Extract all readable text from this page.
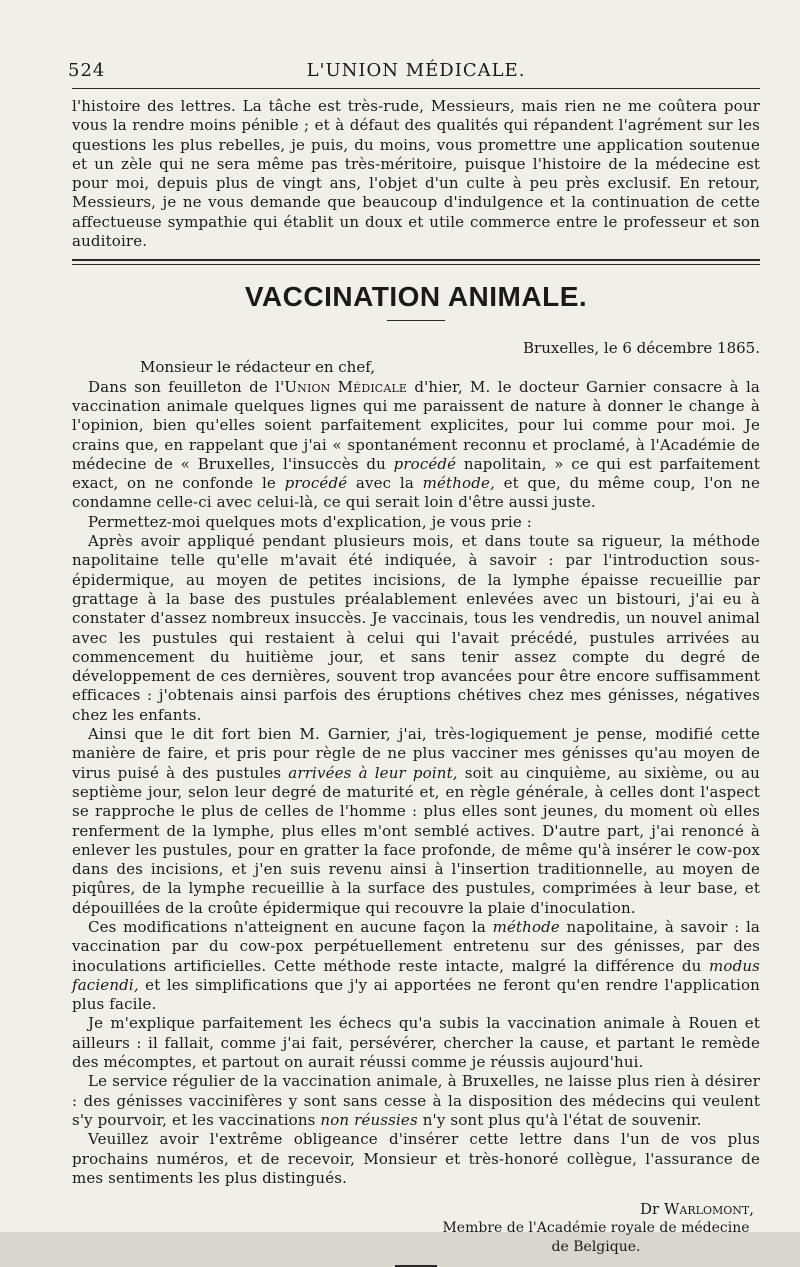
524	L'UNION MÉDICALE.

l'histoire des lettres. La tâche est très-rude, Messieurs, mais rien ne me coûtera pour vous la rendre moins pénible ; et à défaut des qualités qui répandent l'agrément sur les questions les plus rebelles, je puis, du moins, vous promettre une application soutenue et un zèle qui ne sera même pas très-méritoire, puisque l'histoire de la médecine est pour moi, depuis plus de vingt ans, l'objet d'un culte à peu près exclusif. En retour, Messieurs, je ne vous demande que beaucoup d'indulgence et la continuation de cette affectueuse sympathie qui établit un doux et utile commerce entre le professeur et son auditoire.

VACCINATION ANIMALE.
Bruxelles, le 6 décembre 1865.

Monsieur le rédacteur en chef,

Dans son feuilleton de l'Union Médicale d'hier, M. le docteur Garnier consacre à la vaccination animale quelques lignes qui me paraissent de nature à donner le change à l'opinion, bien qu'elles soient parfaitement explicites, pour lui comme pour moi. Je crains que, en rappelant que j'ai « spontanément reconnu et proclamé, à l'Académie de médecine de « Bruxelles, l'insuccès du procédé napolitain, » ce qui est parfaitement exact, on ne confonde le procédé avec la méthode, et que, du même coup, l'on ne condamne celle-ci avec celui-là, ce qui serait loin d'être aussi juste.

Permettez-moi quelques mots d'explication, je vous prie :

Après avoir appliqué pendant plusieurs mois, et dans toute sa rigueur, la méthode napolitaine telle qu'elle m'avait été indiquée, à savoir : par l'introduction sous-épidermique, au moyen de petites incisions, de la lymphe épaisse recueillie par grattage à la base des pustules préalablement enlevées avec un bistouri, j'ai eu à constater d'assez nombreux insuccès. Je vaccinais, tous les vendredis, un nouvel animal avec les pustules qui restaient à celui qui l'avait précédé, pustules arrivées au commencement du huitième jour, et sans tenir assez compte du degré de développement de ces dernières, souvent trop avancées pour être encore suffisamment efficaces : j'obtenais ainsi parfois des éruptions chétives chez mes génisses, négatives chez les enfants.

Ainsi que le dit fort bien M. Garnier, j'ai, très-logiquement je pense, modifié cette manière de faire, et pris pour règle de ne plus vacciner mes génisses qu'au moyen de virus puisé à des pustules arrivées à leur point, soit au cinquième, au sixième, ou au septième jour, selon leur degré de maturité et, en règle générale, à celles dont l'aspect se rapproche le plus de celles de l'homme : plus elles sont jeunes, du moment où elles renferment de la lymphe, plus elles m'ont semblé actives. D'autre part, j'ai renoncé à enlever les pustules, pour en gratter la face profonde, de même qu'à insérer le cow-pox dans des incisions, et j'en suis revenu ainsi à l'insertion traditionnelle, au moyen de piqûres, de la lymphe recueillie à la surface des pustules, comprimées à leur base, et dépouillées de la croûte épidermique qui recouvre la plaie d'inoculation.

Ces modifications n'atteignent en aucune façon la méthode napolitaine, à savoir : la vaccination par du cow-pox perpétuellement entretenu sur des génisses, par des inoculations artificielles. Cette méthode reste intacte, malgré la différence du modus faciendi, et les simplifications que j'y ai apportées ne feront qu'en rendre l'application plus facile.

Je m'explique parfaitement les échecs qu'a subis la vaccination animale à Rouen et ailleurs : il fallait, comme j'ai fait, persévérer, chercher la cause, et partant le remède des mécomptes, et partout on aurait réussi comme je réussis aujourd'hui.

Le service régulier de la vaccination animale, à Bruxelles, ne laisse plus rien à désirer : des génisses vaccinifères y sont sans cesse à la disposition des médecins qui veulent s'y pourvoir, et les vaccinations non réussies n'y sont plus qu'à l'état de souvenir.

Veuillez avoir l'extrême obligeance d'insérer cette lettre dans l'un de vos plus prochains numéros, et de recevoir, Monsieur et très-honoré collègue, l'assurance de mes sentiments les plus distingués.

Dr Warlomont,
Membre de l'Académie royale de médecine
de Belgique.
